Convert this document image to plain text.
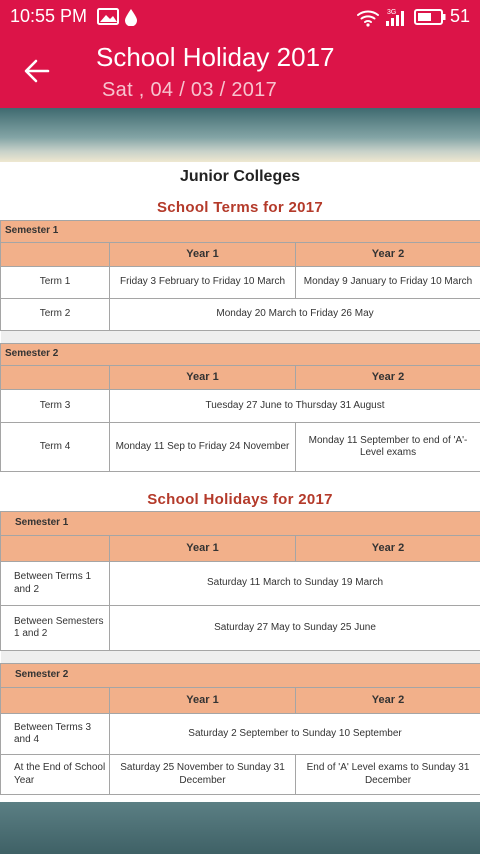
10:55 PM	3G	51
School Holiday 2017
Sat , 04 / 03 / 2017
Junior Colleges
School Terms for 2017
Semester 1		
	Year 1	Year 2
Term 1	Friday 3 February to Friday 10 March	Monday 9 January to Friday 10 March
Term 2	Monday 20 March to Friday 26 May	

Semester 2		
	Year 1	Year 2
Term 3	Tuesday 27 June to Thursday 31 August	
Term 4	Monday 11 Sep to Friday 24 November	Monday 11 September to end of 'A'-Level exams
School Holidays for 2017
Semester 1		
	Year 1	Year 2
Between Terms 1 and 2	Saturday 11 March to Sunday 19 March	
Between Semesters 1 and 2	Saturday 27 May to Sunday 25 June	

Semester 2		
	Year 1	Year 2
Between Terms 3 and 4	Saturday 2 September to Sunday 10 September	
At the End of School Year	Saturday 25 November to Sunday 31 December	End of 'A' Level exams to Sunday 31 December
